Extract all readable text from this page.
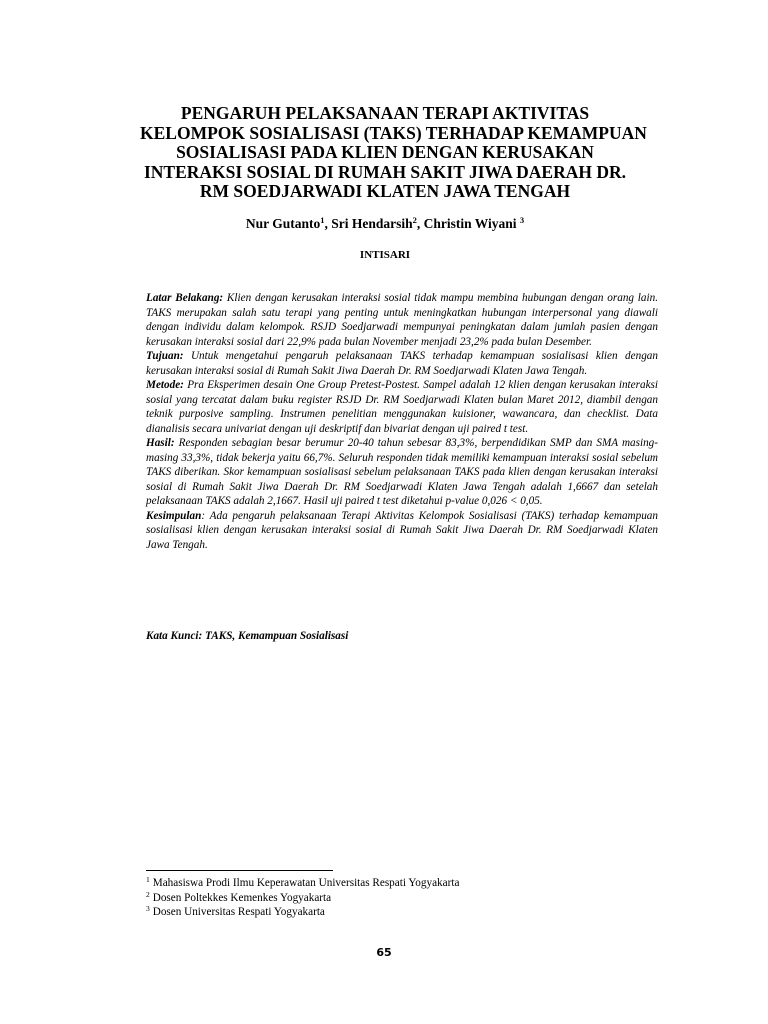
PENGARUH PELAKSANAAN TERAPI AKTIVITAS
KELOMPOK SOSIALISASI (TAKS) TERHADAP KEMAMPUAN
SOSIALISASI PADA KLIEN DENGAN KERUSAKAN
INTERAKSI SOSIAL DI RUMAH SAKIT JIWA DAERAH DR.
RM SOEDJARWADI KLATEN JAWA TENGAH
Nur Gutanto$^1$, Sri Hendarsih$^2$, Christin Wiyani $^3$
INTISARI

Latar Belakang: Klien dengan kerusakan interaksi sosial tidak mampu membina hubungan dengan orang lain. TAKS merupakan salah satu terapi yang penting untuk meningkatkan hubungan interpersonal yang diawali dengan individu dalam kelompok. RSJD Soedjarwadi mempunyai peningkatan dalam jumlah pasien dengan kerusakan interaksi sosial dari 22,9% pada bulan November menjadi 23,2% pada bulan Desember.

Tujuan: Untuk mengetahui pengaruh pelaksanaan TAKS terhadap kemampuan sosialisasi klien dengan kerusakan interaksi sosial di Rumah Sakit Jiwa Daerah Dr. RM Soedjarwadi Klaten Jawa Tengah.

Metode: Pra Eksperimen desain One Group Pretest-Postest. Sampel adalah 12 klien dengan kerusakan interaksi sosial yang tercatat dalam buku register RSJD Dr. RM Soedjarwadi Klaten bulan Maret 2012, diambil dengan teknik purposive sampling. Instrumen penelitian menggunakan kuisioner, wawancara, dan checklist. Data dianalisis secara univariat dengan uji deskriptif dan bivariat dengan uji paired t test.

Hasil: Responden sebagian besar berumur 20-40 tahun sebesar 83,3%, berpendidikan SMP dan SMA masing-masing 33,3%, tidak bekerja yaitu 66,7%. Seluruh responden tidak memiliki kemampuan interaksi sosial sebelum TAKS diberikan. Skor kemampuan sosialisasi sebelum pelaksanaan TAKS pada klien dengan kerusakan interaksi sosial di Rumah Sakit Jiwa Daerah Dr. RM Soedjarwadi Klaten Jawa Tengah adalah 1,6667 dan setelah pelaksanaan TAKS adalah 2,1667. Hasil uji paired t test diketahui p-value 0,026 < 0,05.

Kesimpulan: Ada pengaruh pelaksanaan Terapi Aktivitas Kelompok Sosialisasi (TAKS) terhadap kemampuan sosialisasi klien dengan kerusakan interaksi sosial di Rumah Sakit Jiwa Daerah Dr. RM Soedjarwadi Klaten Jawa Tengah.

Kata Kunci: TAKS, Kemampuan Sosialisasi
$^1$ Mahasiswa Prodi Ilmu Keperawatan Universitas Respati Yogyakarta
$^2$ Dosen Poltekkes Kemenkes Yogyakarta
$^3$ Dosen Universitas Respati Yogyakarta
65
